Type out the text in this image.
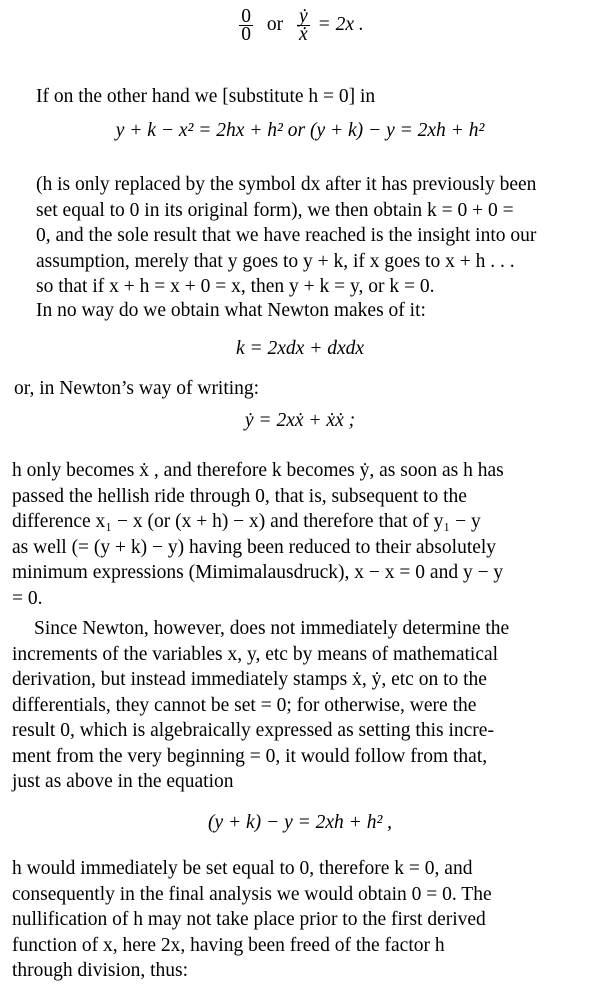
$\frac{0}{0}$ or $\frac{\text{ẏ}}{\text{ẋ}} = 2x$ .
If on the other hand we [substitute h = 0] in
y + k − x² = 2hx + h² or (y + k) − y = 2xh + h²
(h is only replaced by the symbol dx after it has previously been
set equal to 0 in its original form), we then obtain k = 0 + 0 =
0, and the sole result that we have reached is the insight into our
assumption, merely that y goes to y + k, if x goes to x + h . . .
so that if x + h = x + 0 = x, then y + k = y, or k = 0.
In no way do we obtain what Newton makes of it:
k = 2xdx + dxdx
or, in Newton’s way of writing:
ẏ = 2xẋ + ẋẋ ;
h only becomes ẋ , and therefore k becomes ẏ, as soon as h has
passed the hellish ride through 0, that is, subsequent to the
difference x₁ − x (or (x + h) − x) and therefore that of y₁ − y
as well (= (y + k) − y) having been reduced to their absolutely
minimum expressions (Mimimalausdruck), x − x = 0 and y − y
= 0.
Since Newton, however, does not immediately determine the
increments of the variables x, y, etc by means of mathematical
derivation, but instead immediately stamps ẋ, ẏ, etc on to the
differentials, they cannot be set = 0; for otherwise, were the
result 0, which is algebraically expressed as setting this incre-
ment from the very beginning = 0, it would follow from that,
just as above in the equation
(y + k) − y = 2xh + h² ,
h would immediately be set equal to 0, therefore k = 0, and
consequently in the final analysis we would obtain 0 = 0. The
nullification of h may not take place prior to the first derived
function of x, here 2x, having been freed of the factor h
through division, thus:
